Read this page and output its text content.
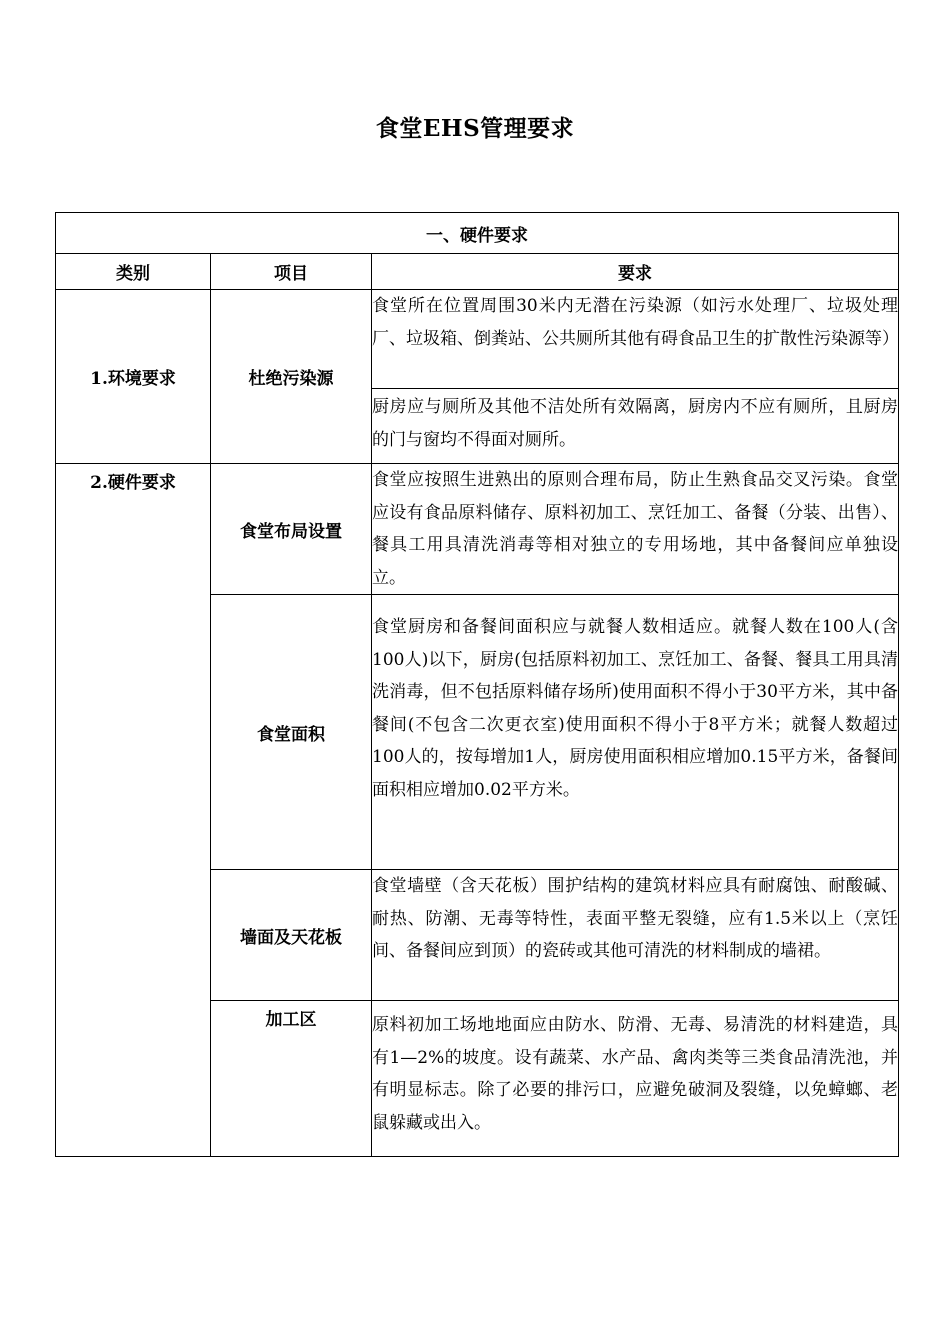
食堂EHS管理要求
一、硬件要求		
类别	项目	要求
1.环境要求	杜绝污染源	食堂所在位置周围30米内无潜在污染源（如污水处理厂、垃圾处理厂、垃圾箱、倒粪站、公共厕所其他有碍食品卫生的扩散性污染源等）
		厨房应与厕所及其他不洁处所有效隔离，厨房内不应有厕所，且厨房的门与窗均不得面对厕所。
2.硬件要求	食堂布局设置	食堂应按照生进熟出的原则合理布局，防止生熟食品交叉污染。食堂应设有食品原料储存、原料初加工、烹饪加工、备餐（分装、出售）、餐具工用具清洗消毒等相对独立的专用场地，其中备餐间应单独设立。
	食堂面积	食堂厨房和备餐间面积应与就餐人数相适应。就餐人数在100人(含100人)以下，厨房(包括原料初加工、烹饪加工、备餐、餐具工用具清洗消毒，但不包括原料储存场所)使用面积不得小于30平方米，其中备餐间(不包含二次更衣室)使用面积不得小于8平方米；就餐人数超过100人的，按每增加1人，厨房使用面积相应增加0.15平方米，备餐间面积相应增加0.02平方米。
	墙面及天花板	食堂墙壁（含天花板）围护结构的建筑材料应具有耐腐蚀、耐酸碱、耐热、防潮、无毒等特性，表面平整无裂缝，应有1.5米以上（烹饪间、备餐间应到顶）的瓷砖或其他可清洗的材料制成的墙裙。
	加工区	原料初加工场地地面应由防水、防滑、无毒、易清洗的材料建造，具有1—2%的坡度。设有蔬菜、水产品、禽肉类等三类食品清洗池，并有明显标志。除了必要的排污口，应避免破洞及裂缝，以免蟑螂、老鼠躲藏或出入。
